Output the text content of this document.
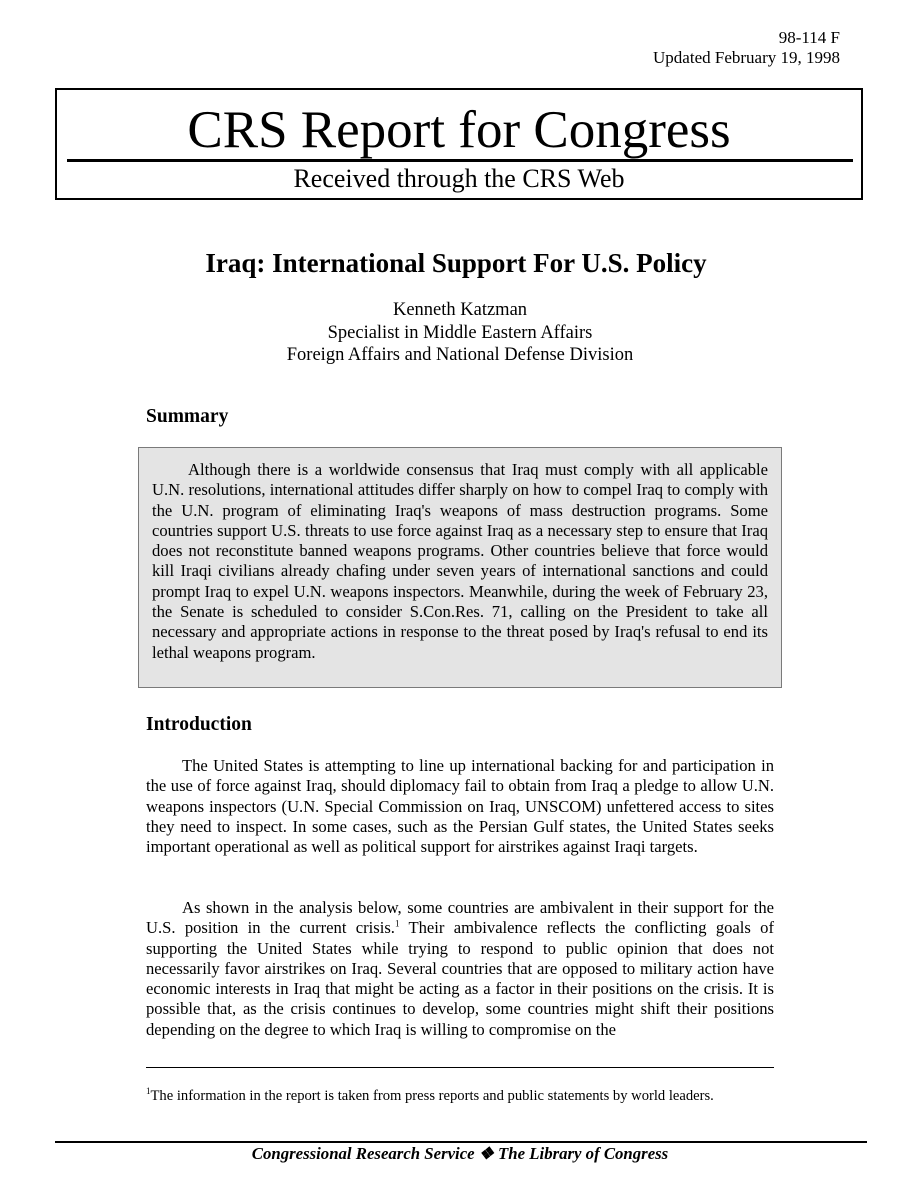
98-114 F
Updated February 19, 1998
CRS Report for Congress
Received through the CRS Web
Iraq: International Support For U.S. Policy
Kenneth Katzman
Specialist in Middle Eastern Affairs
Foreign Affairs and National Defense Division
Summary

Although there is a worldwide consensus that Iraq must comply with all applicable U.N. resolutions, international attitudes differ sharply on how to compel Iraq to comply with the U.N. program of eliminating Iraq's weapons of mass destruction programs. Some countries support U.S. threats to use force against Iraq as a necessary step to ensure that Iraq does not reconstitute banned weapons programs. Other countries believe that force would kill Iraqi civilians already chafing under seven years of international sanctions and could prompt Iraq to expel U.N. weapons inspectors. Meanwhile, during the week of February 23, the Senate is scheduled to consider S.Con.Res. 71, calling on the President to take all necessary and appropriate actions in response to the threat posed by Iraq's refusal to end its lethal weapons program.

Introduction

The United States is attempting to line up international backing for and participation in the use of force against Iraq, should diplomacy fail to obtain from Iraq a pledge to allow U.N. weapons inspectors (U.N. Special Commission on Iraq, UNSCOM) unfettered access to sites they need to inspect. In some cases, such as the Persian Gulf states, the United States seeks important operational as well as political support for airstrikes against Iraqi targets.

As shown in the analysis below, some countries are ambivalent in their support for the U.S. position in the current crisis.$^1$ Their ambivalence reflects the conflicting goals of supporting the United States while trying to respond to public opinion that does not necessarily favor airstrikes on Iraq. Several countries that are opposed to military action have economic interests in Iraq that might be acting as a factor in their positions on the crisis. It is possible that, as the crisis continues to develop, some countries might shift their positions depending on the degree to which Iraq is willing to compromise on the

$^1$The information in the report is taken from press reports and public statements by world leaders.
Congressional Research Service ❖ The Library of Congress
